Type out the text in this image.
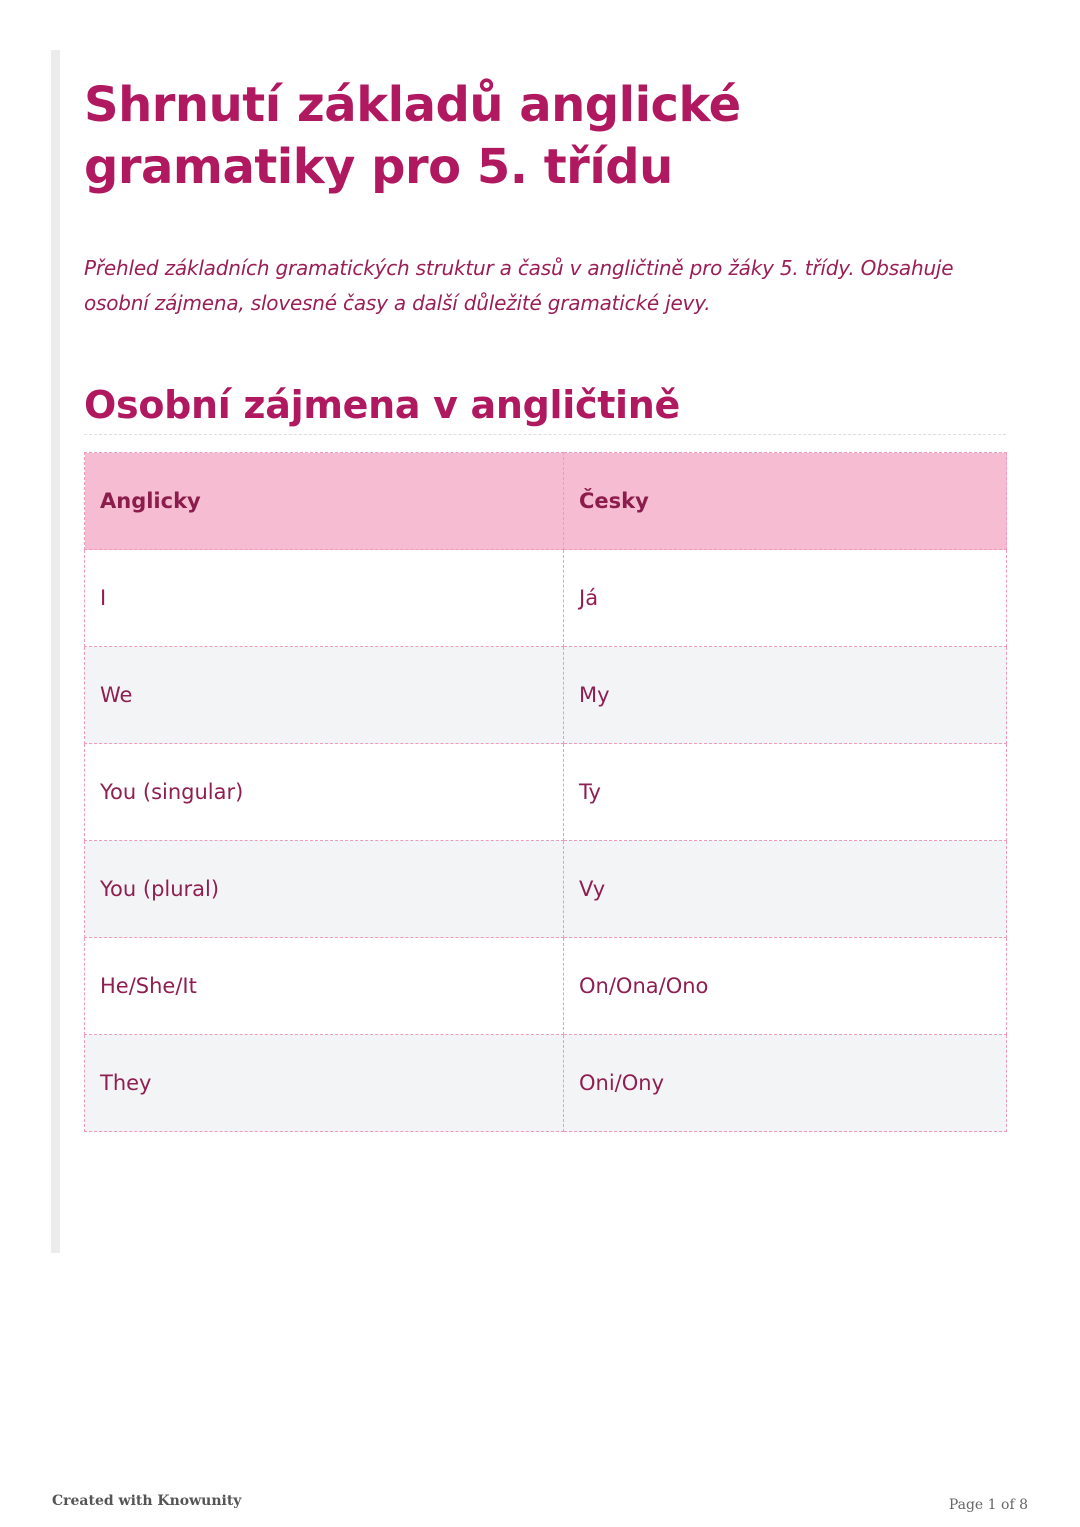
Shrnutí základů anglické gramatiky pro 5. třídu

Přehled základních gramatických struktur a časů v angličtině pro žáky 5. třídy. Obsahuje osobní zájmena, slovesné časy a další důležité gramatické jevy.

Osobní zájmena v angličtině
Anglicky	Česky
I	Já
We	My
You (singular)	Ty
You (plural)	Vy
He/She/It	On/Ona/Ono
They	Oni/Ony
Created with Knowunity	Page 1 of 8
